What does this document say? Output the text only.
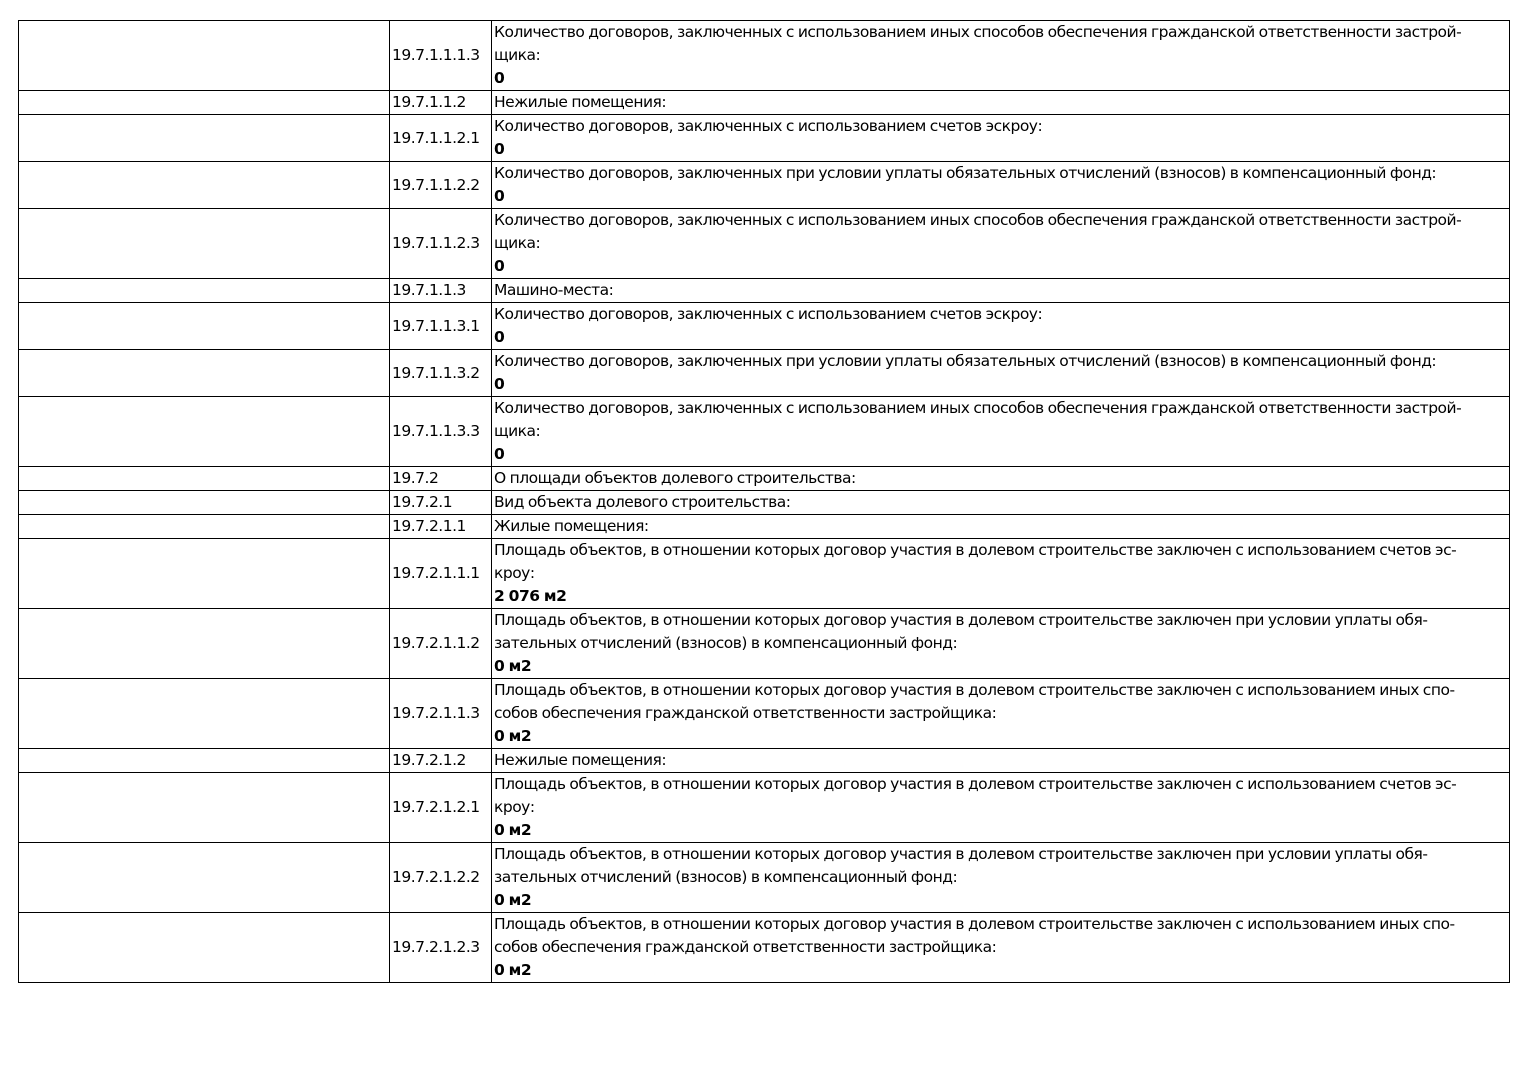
	19.7.1.1.1.3	Количество договоров, заключенных с использованием иных способов обеспечения гражданской ответственности застрой-
щика:
0

	19.7.1.1.2	Нежилые помещения:

	19.7.1.1.2.1	Количество договоров, заключенных с использованием счетов эскроу:
0

	19.7.1.1.2.2	Количество договоров, заключенных при условии уплаты обязательных отчислений (взносов) в компенсационный фонд:
0

	19.7.1.1.2.3	Количество договоров, заключенных с использованием иных способов обеспечения гражданской ответственности застрой-
щика:
0

	19.7.1.1.3	Машино-места:

	19.7.1.1.3.1	Количество договоров, заключенных с использованием счетов эскроу:
0

	19.7.1.1.3.2	Количество договоров, заключенных при условии уплаты обязательных отчислений (взносов) в компенсационный фонд:
0

	19.7.1.1.3.3	Количество договоров, заключенных с использованием иных способов обеспечения гражданской ответственности застрой-
щика:
0

	19.7.2	О площади объектов долевого строительства:

	19.7.2.1	Вид объекта долевого строительства:

	19.7.2.1.1	Жилые помещения:

	19.7.2.1.1.1	Площадь объектов, в отношении которых договор участия в долевом строительстве заключен с использованием счетов эс-
кроу:
2 076 м2

	19.7.2.1.1.2	Площадь объектов, в отношении которых договор участия в долевом строительстве заключен при условии уплаты обя-
зательных отчислений (взносов) в компенсационный фонд:
0 м2

	19.7.2.1.1.3	Площадь объектов, в отношении которых договор участия в долевом строительстве заключен с использованием иных спо-
собов обеспечения гражданской ответственности застройщика:
0 м2

	19.7.2.1.2	Нежилые помещения:

	19.7.2.1.2.1	Площадь объектов, в отношении которых договор участия в долевом строительстве заключен с использованием счетов эс-
кроу:
0 м2

	19.7.2.1.2.2	Площадь объектов, в отношении которых договор участия в долевом строительстве заключен при условии уплаты обя-
зательных отчислений (взносов) в компенсационный фонд:
0 м2

	19.7.2.1.2.3	Площадь объектов, в отношении которых договор участия в долевом строительстве заключен с использованием иных спо-
собов обеспечения гражданской ответственности застройщика:
0 м2
